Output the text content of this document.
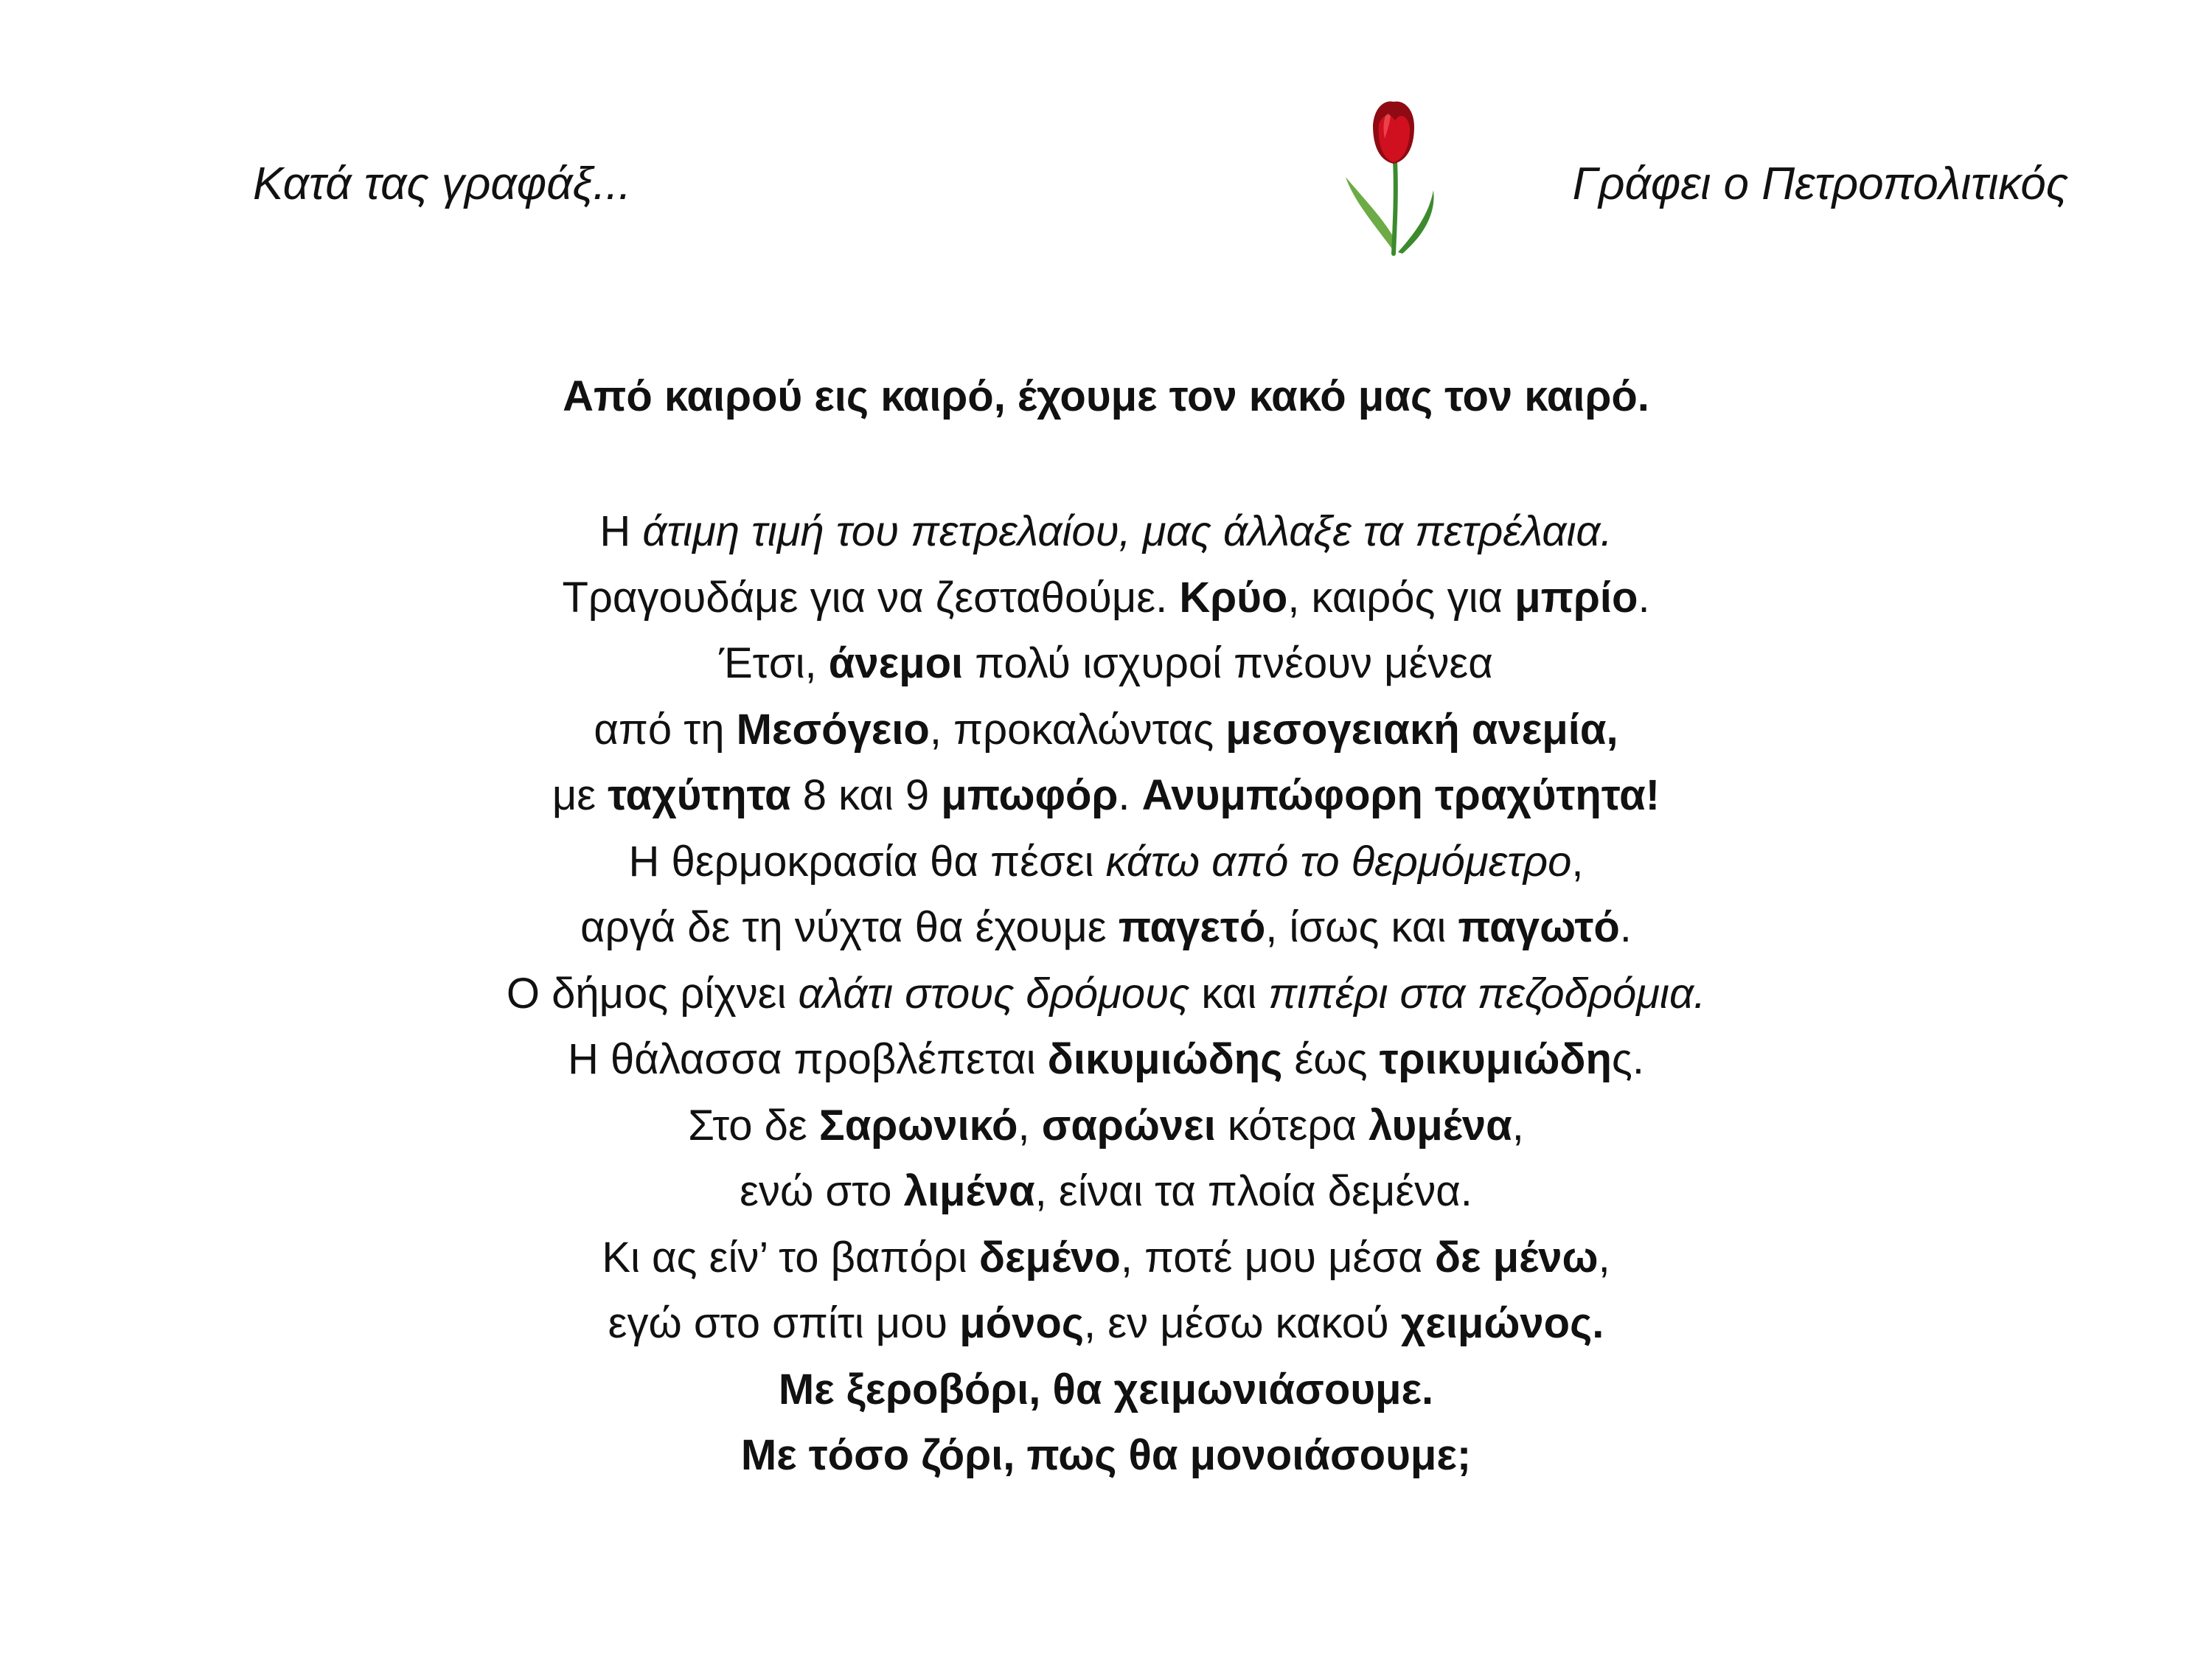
Κατά τας γραφάξ...	Γράφει ο Πετροπολιτικός
Από καιρού εις καιρό, έχουμε τον κακό μας τον καιρό.
Η άτιμη τιμή του πετρελαίου, μας άλλαξε τα πετρέλαια.
Τραγουδάμε για να ζεσταθούμε. Κρύο, καιρός για μπρίο.
Έτσι, άνεμοι πολύ ισχυροί πνέουν μένεα
από τη Μεσόγειο, προκαλώντας μεσογειακή ανεμία,
με ταχύτητα 8 και 9 μπωφόρ. Ανυμπώφορη τραχύτητα!
Η θερμοκρασία θα πέσει κάτω από το θερμόμετρο,
αργά δε τη νύχτα θα έχουμε παγετό, ίσως και παγωτό.
Ο δήμος ρίχνει αλάτι στους δρόμους και πιπέρι στα πεζοδρόμια.
Η θάλασσα προβλέπεται δικυμιώδης έως τρικυμιώδης.
Στο δε Σαρωνικό, σαρώνει κότερα λυμένα,
ενώ στο λιμένα, είναι τα πλοία δεμένα.
Κι ας είν’ το βαπόρι δεμένο, ποτέ μου μέσα δε μένω,
εγώ στο σπίτι μου μόνος, εν μέσω κακού χειμώνος.
Με ξεροβόρι, θα χειμωνιάσουμε.
Με τόσο ζόρι, πως θα μονοιάσουμε;
